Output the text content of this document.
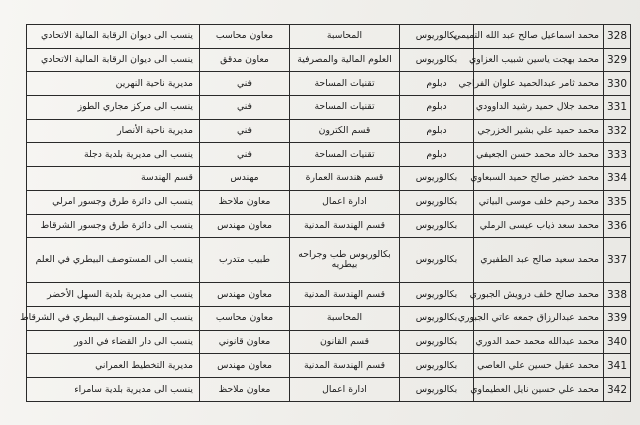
328	محمد اسماعيل صالح عبد الله التميمي	بكالوريوس	المحاسبة	معاون محاسب	ينسب الى ديوان الرقابة المالية الاتحادي
329	محمد بهجت ياسين شبيب العزاوي	بكالوريوس	العلوم المالية والمصرفية	معاون مدقق	ينسب الى ديوان الرقابة المالية الاتحادي
330	محمد ثامر عبدالحميد علوان الفراجي	دبلوم	تقنيات المساحة	فني	مديرية ناحية النهرين
331	محمد جلال حميد رشيد الداوودي	دبلوم	تقنيات المساحة	فني	ينسب الى مركز مجاري الطوز
332	محمد حميد علي بشير الخزرجي	دبلوم	قسم الكترون	فني	مديرية ناحية الأنصار
333	محمد خالد محمد حسن الجعيفي	دبلوم	تقنيات المساحة	فني	ينسب الى مديرية بلدية دجلة
334	محمد خضير صالح حميد السبعاوي	بكالوريوس	قسم هندسة العمارة	مهندس	قسم الهندسة
335	محمد رحيم خلف موسى البياتي	بكالوريوس	ادارة اعمال	معاون ملاحظ	ينسب الى دائرة طرق وجسور امرلي
336	محمد سعد ذياب عيسى الرملي	بكالوريوس	قسم الهندسة المدنية	معاون مهندس	ينسب الى دائرة طرق وجسور الشرقاط
337	محمد سعيد صالح عبد الطفيري	بكالوريوس	بكالوريوس طب وجراحه بيطريه	طبيب متدرب	ينسب الى المستوصف البيطري في العلم
338	محمد صالح خلف درويش الجبوري	بكالوريوس	قسم الهندسة المدنية	معاون مهندس	ينسب الى مديرية بلدية السهل الأخضر
339	محمد عبدالرزاق جمعه عاتي الجبوري	بكالوريوس	المحاسبة	معاون محاسب	ينسب الى المستوصف البيطري في الشرقاط
340	محمد عبدالله محمد حمد الدوري	بكالوريوس	قسم القانون	معاون قانوني	ينسب الى دار القضاء في الدور
341	محمد عقيل حسين علي العاصي	بكالوريوس	قسم الهندسة المدنية	معاون مهندس	مديرية التخطيط العمراني
342	محمد علي حسين نايل العطيماوي	بكالوريوس	ادارة اعمال	معاون ملاحظ	ينسب الى مديرية بلدية سامراء
